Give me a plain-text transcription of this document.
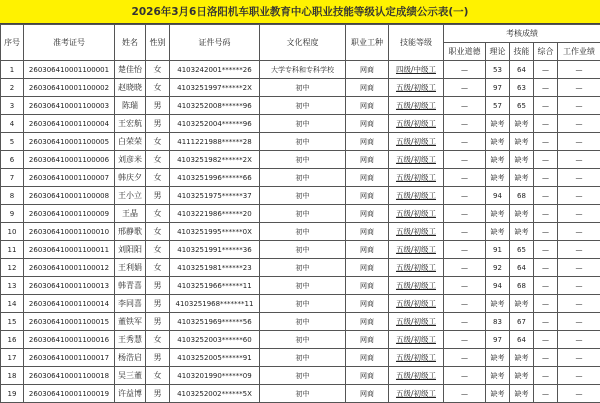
2026年3月6日洛阳机车职业教育中心职业技能等级认定成绩公示表(一)
序号	准考证号	姓名	性别	证件号码	文化程度	职业工种	技能等级	考核成绩				
								职业道德	理论	技能	综合	工作业绩
1	260306410001100001	楚佳怡	女	4103242001******26	大学专科和专科学校	网商	四级/中级工	—	53	64	—	—
2	260306410001100002	赵晓晓	女	4103251997******2X	初中	网商	五级/初级工	—	97	63	—	—
3	260306410001100003	陈瑞	男	4103252008******96	初中	网商	五级/初级工	—	57	65	—	—
4	260306410001100004	王宏航	男	4103252004******96	初中	网商	五级/初级工	—	缺考	缺考	—	—
5	260306410001100005	白荣荣	女	4111221988******28	初中	网商	五级/初级工	—	缺考	缺考	—	—
6	260306410001100006	刘彦米	女	4103251982******2X	初中	网商	五级/初级工	—	缺考	缺考	—	—
7	260306410001100007	韩庆夕	女	4103251996******66	初中	网商	五级/初级工	—	缺考	缺考	—	—
8	260306410001100008	王小立	男	4103251975******37	初中	网商	五级/初级工	—	94	68	—	—
9	260306410001100009	王晶	女	4103221986******20	初中	网商	五级/初级工	—	缺考	缺考	—	—
10	260306410001100010	邢静歌	女	4103251995******0X	初中	网商	五级/初级工	—	缺考	缺考	—	—
11	260306410001100011	刘阳阳	女	4103251991******36	初中	网商	五级/初级工	—	91	65	—	—
12	260306410001100012	王利娟	女	4103251981******23	初中	网商	五级/初级工	—	92	64	—	—
13	260306410001100013	韩青喜	男	4103251966******11	初中	网商	五级/初级工	—	94	68	—	—
14	260306410001100014	李同喜	男	4103251968*******11	初中	网商	五级/初级工	—	缺考	缺考	—	—
15	260306410001100015	董铁军	男	4103251969******56	初中	网商	五级/初级工	—	83	67	—	—
16	260306410001100016	王秀慧	女	4103252003******60	初中	网商	五级/初级工	—	97	64	—	—
17	260306410001100017	杨浩启	男	4103252005******91	初中	网商	五级/初级工	—	缺考	缺考	—	—
18	260306410001100018	吴三董	女	4103201990******09	初中	网商	五级/初级工	—	缺考	缺考	—	—
19	260306410001100019	许益博	男	4103252002******5X	初中	网商	五级/初级工	—	缺考	缺考	—	—
